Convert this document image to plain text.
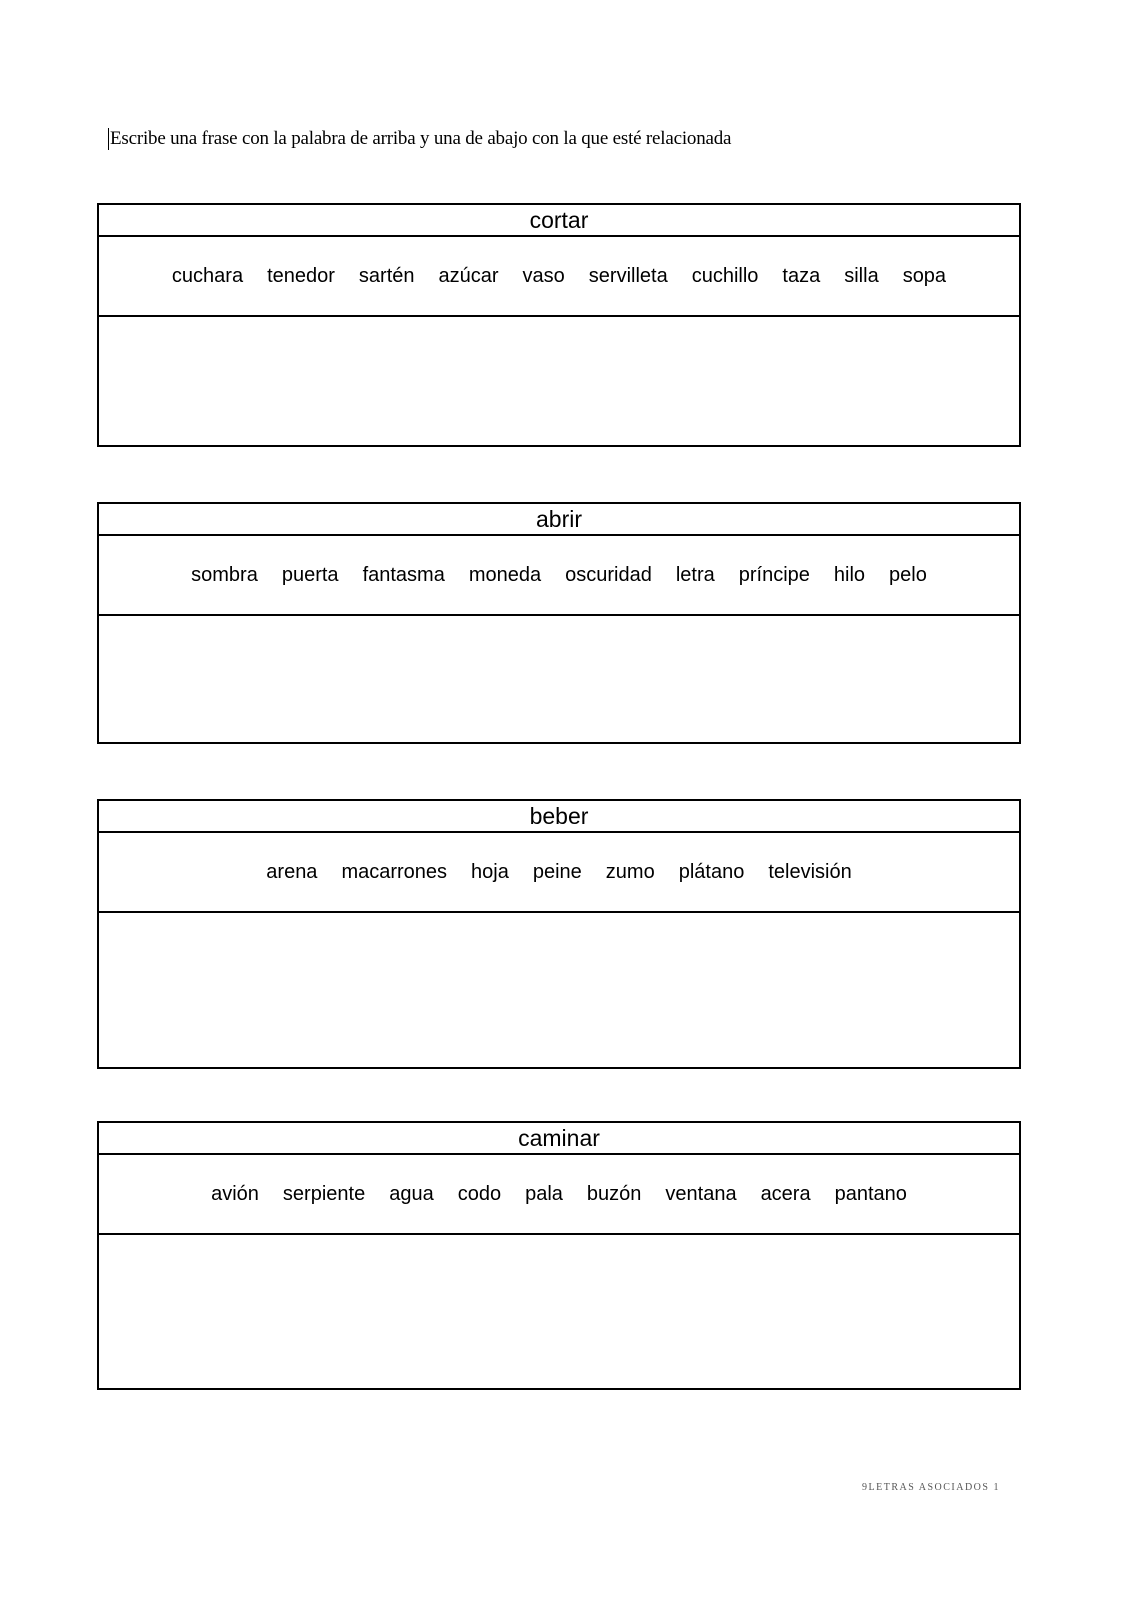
Escribe una frase con la palabra de arriba y una de abajo con la que esté relacionada
cortar
cuchara tenedor sartén azúcar vaso servilleta cuchillo taza silla sopa
abrir
sombra puerta fantasma moneda oscuridad letra príncipe hilo pelo
beber
arena macarrones hoja peine zumo plátano televisión
caminar
avión serpiente agua codo pala buzón ventana acera pantano
9LETRAS ASOCIADOS 1
